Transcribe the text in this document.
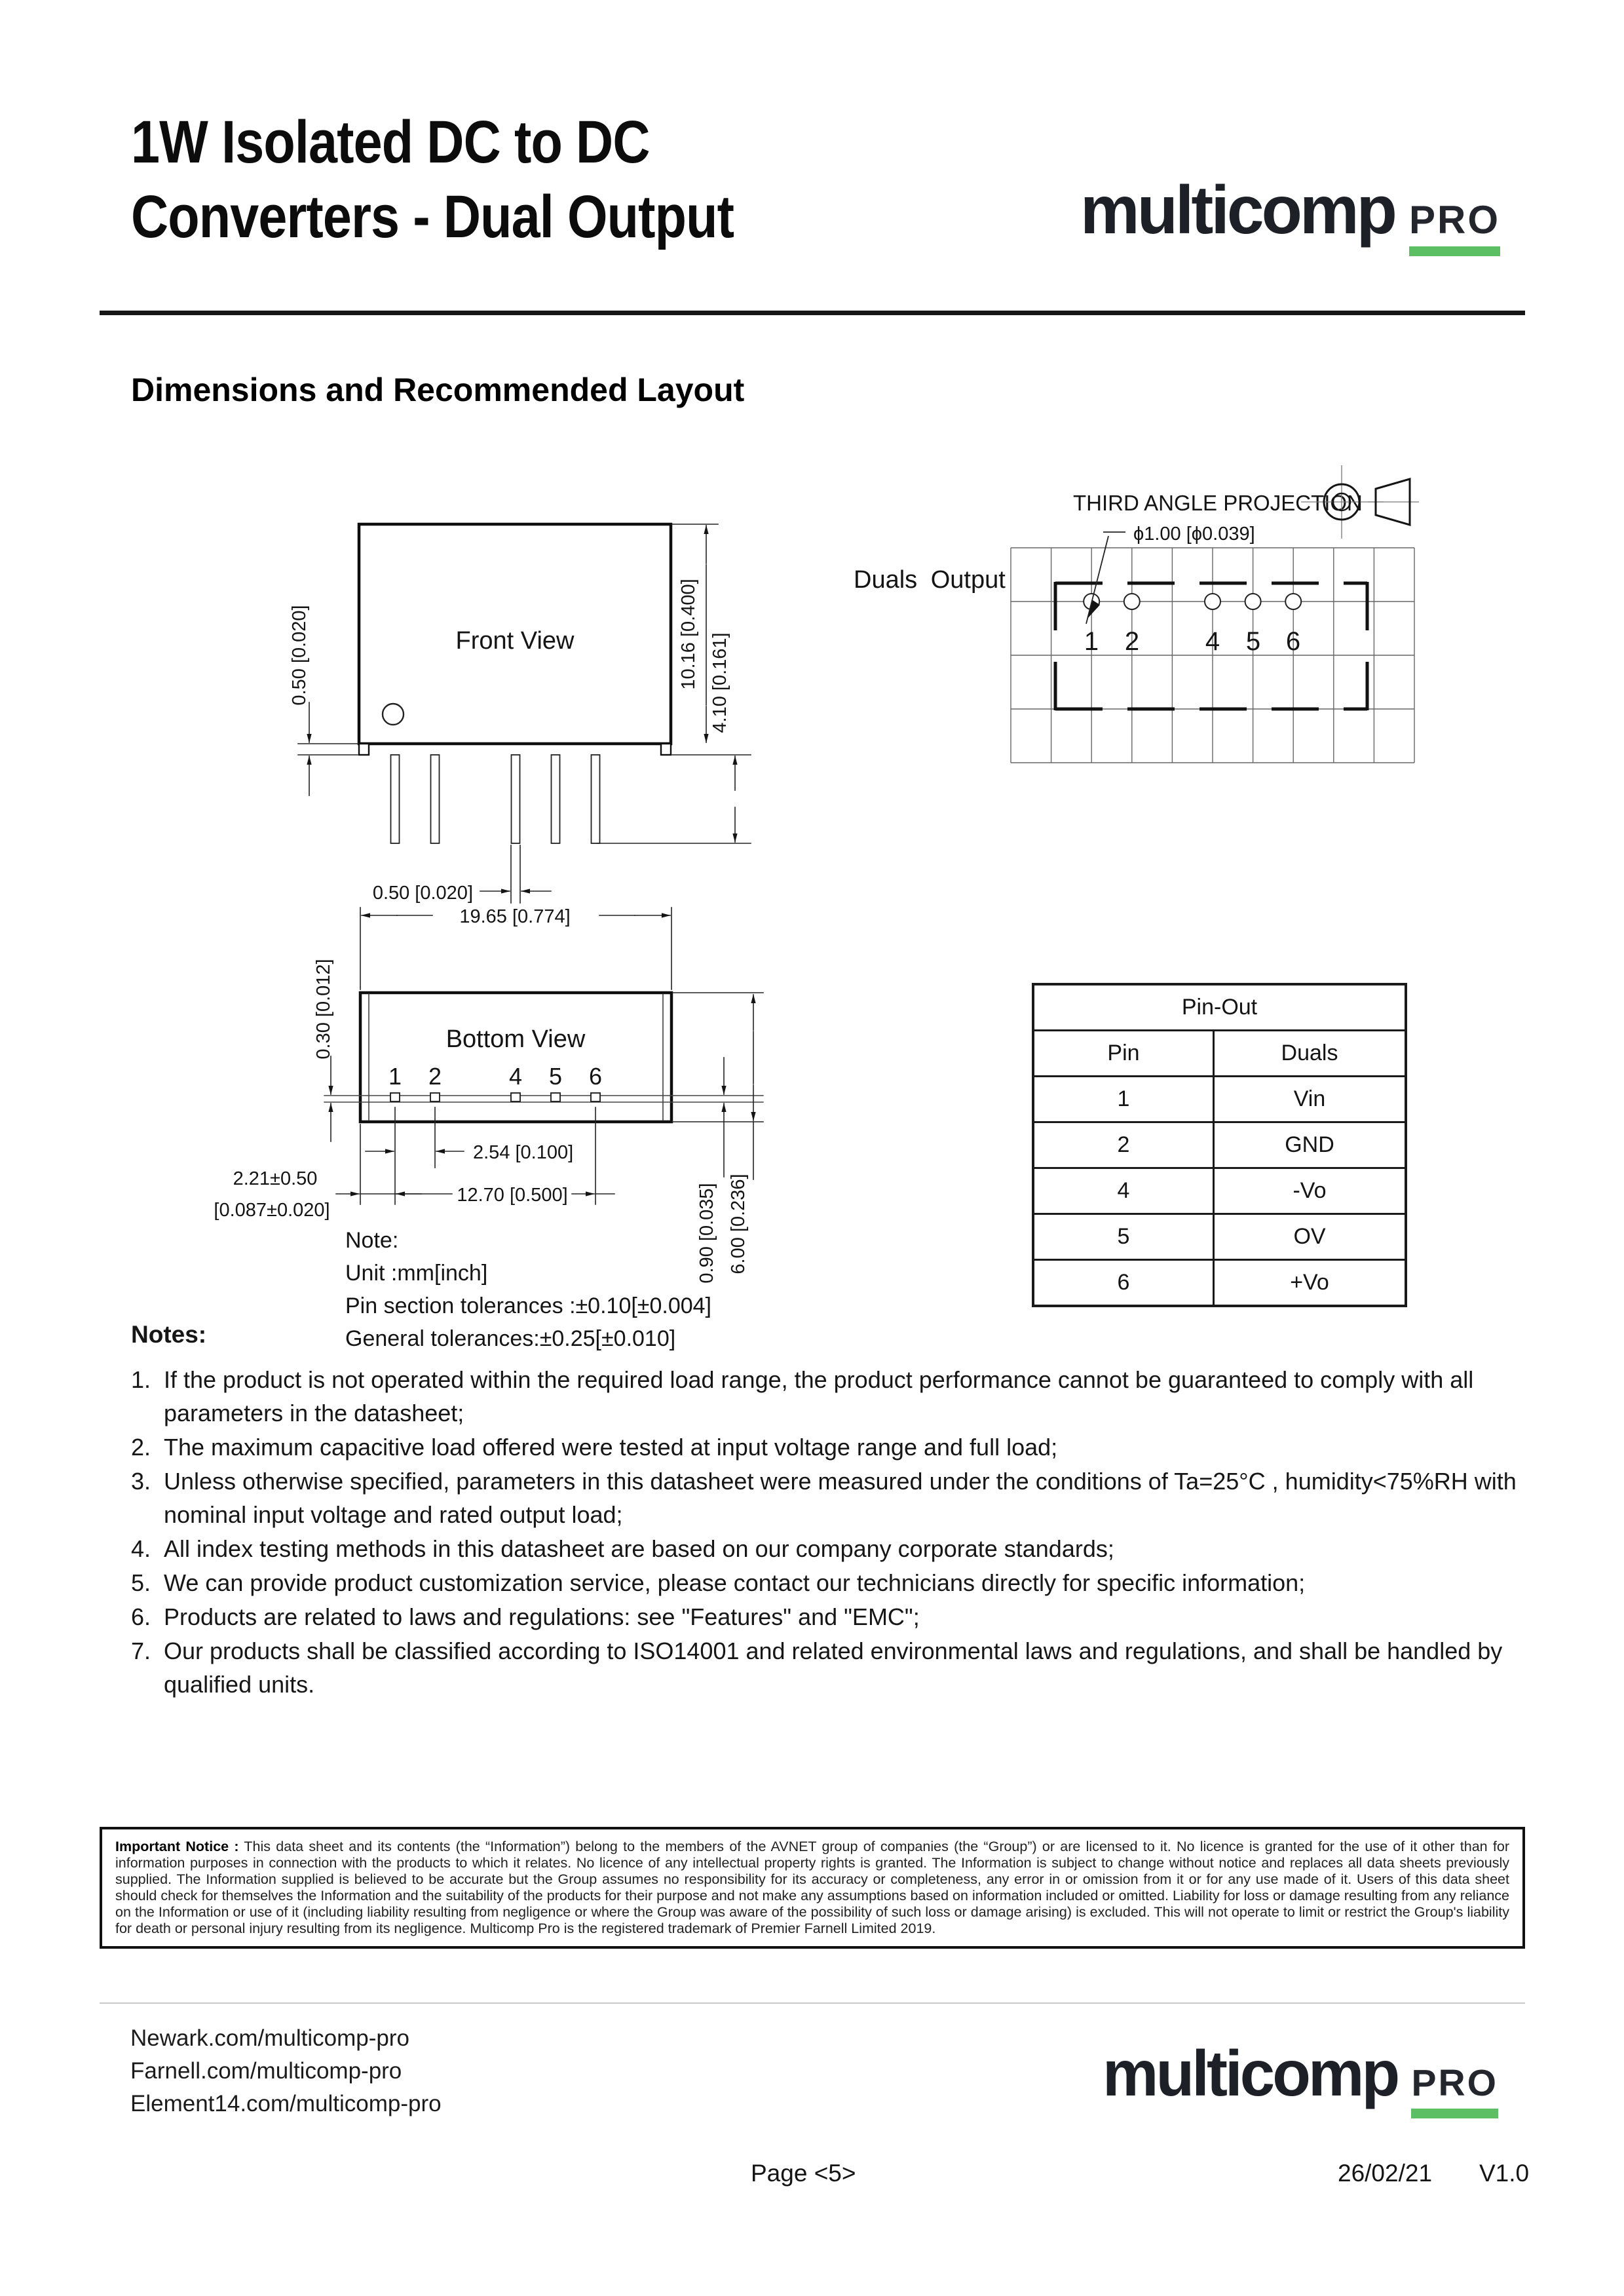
1W Isolated DC to DC
Converters - Dual Output	multicomp PRO
Dimensions and Recommended Layout
THIRD ANGLE PROJECTION
Front View
0.50 [0.020]	10.16 [0.400] 4.10 [0.161]
0.50 [0.020]
Duals Output
ϕ1.00 [ϕ0.039]
1 2	4 5 6
Bottom View
1 2	4 5 6
19.65 [0.774]
0.30 [0.012]
2.54 [0.100]
12.70 [0.500]
2.21±0.50
[0.087±0.020]	0.90 [0.035] 6.00 [0.236]
Note:
Unit :mm[inch]
Pin section tolerances :±0.10[±0.004]
General tolerances:±0.25[±0.010]
Pin-Out	
Pin	Duals
1	Vin
2	GND
4	-Vo
5	OV
6	+Vo
Notes:
1. If the product is not operated within the required load range, the product performance cannot be guaranteed to comply with all parameters in the datasheet;
2. The maximum capacitive load offered were tested at input voltage range and full load;
3. Unless otherwise specified, parameters in this datasheet were measured under the conditions of Ta=25°C , humidity<75%RH with nominal input voltage and rated output load;
4. All index testing methods in this datasheet are based on our company corporate standards;
5. We can provide product customization service, please contact our technicians directly for specific information;
6. Products are related to laws and regulations: see "Features" and "EMC";
7. Our products shall be classified according to ISO14001 and related environmental laws and regulations, and shall be handled by qualified units.
Important Notice : This data sheet and its contents (the “Information”) belong to the members of the AVNET group of companies (the “Group”) or are licensed to it. No licence is granted for the use of it other than for information purposes in connection with the products to which it relates. No licence of any intellectual property rights is granted. The Information is subject to change without notice and replaces all data sheets previously supplied. The Information supplied is believed to be accurate but the Group assumes no responsibility for its accuracy or completeness, any error in or omission from it or for any use made of it. Users of this data sheet should check for themselves the Information and the suitability of the products for their purpose and not make any assumptions based on information included or omitted. Liability for loss or damage resulting from any reliance on the Information or use of it (including liability resulting from negligence or where the Group was aware of the possibility of such loss or damage arising) is excluded. This will not operate to limit or restrict the Group's liability for death or personal injury resulting from its negligence. Multicomp Pro is the registered trademark of Premier Farnell Limited 2019.
Newark.com/multicomp-pro
Farnell.com/multicomp-pro
Element14.com/multicomp-pro	multicomp PRO
Page <5>	26/02/21 V1.0
